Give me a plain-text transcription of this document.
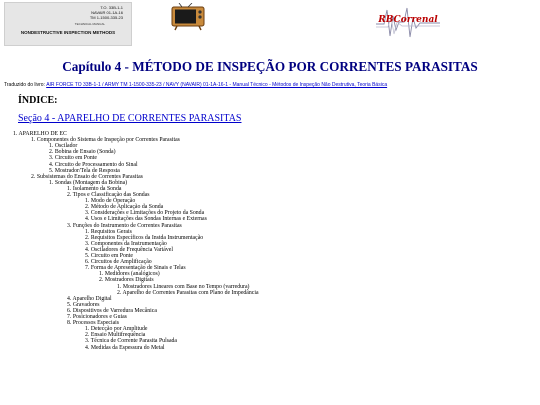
T.O. 33B-1-1
NAVAIR 01-1A-16
TM 1-1500-335-23
TECHNICAL MANUAL
NONDESTRUCTIVE INSPECTION METHODS
RBCorrenal
Capítulo 4 - MÉTODO DE INSPEÇÃO POR CORRENTES PARASITAS
Traduzido do livro: AIR FORCE TO 33B-1-1 / ARMY TM 1-1500-335-23 / NAVY (NAVAIR) 01-1A-16-1 - Manual Técnico - Métodos de Inspeção Não Destrutiva, Teoria Básica
ÍNDICE:
Seção 4 - APARELHO DE CORRENTES PARASITAS
1. APARELHO DE EC
1. Componentes do Sistema de Inspeção por Correntes Parasitas
1. Oscilador
2. Bobina de Ensaio (Sonda)
3. Circuito em Ponte
4. Circuito de Processamento do Sinal
5. Mostrador/Tela de Resposta
2. Subsistemas do Ensaio de Correntes Parasitas
1. Sondas (Montagem da Bobina)
1. Isolamento da Sonda
2. Tipos e Classificação das Sondas
1. Modo de Operação
2. Método de Aplicação da Sonda
3. Considerações e Limitações do Projeto da Sonda
4. Usos e Limitações das Sondas Internas e Externas
3. Funções do Instrumento de Correntes Parasitas
1. Requisitos Gerais
2. Requisitos Específicos da Instda Instrumentação
3. Componentes da Instrumentação
4. Osciladores de Frequência Variável
5. Circuito em Ponte
6. Circuitos de Amplificação
7. Forma de Apresentação de Sinais e Telas
1. Medidores (analógicos)
2. Mostradores Digitais
1. Mostradores Lineares com Base no Tempo (varredura)
2. Aparelho de Correntes Parasitas com Plano de Impedância
4. Aparelho Digital
5. Gravadores
6. Dispositivos de Varredura Mecânica
7. Posicionadores e Guias
8. Processos Especiais
1. Detecção por Amplitude
2. Ensaio Multifrequência
3. Técnica de Corrente Parasita Pulsada
4. Medidas da Espessura do Metal
